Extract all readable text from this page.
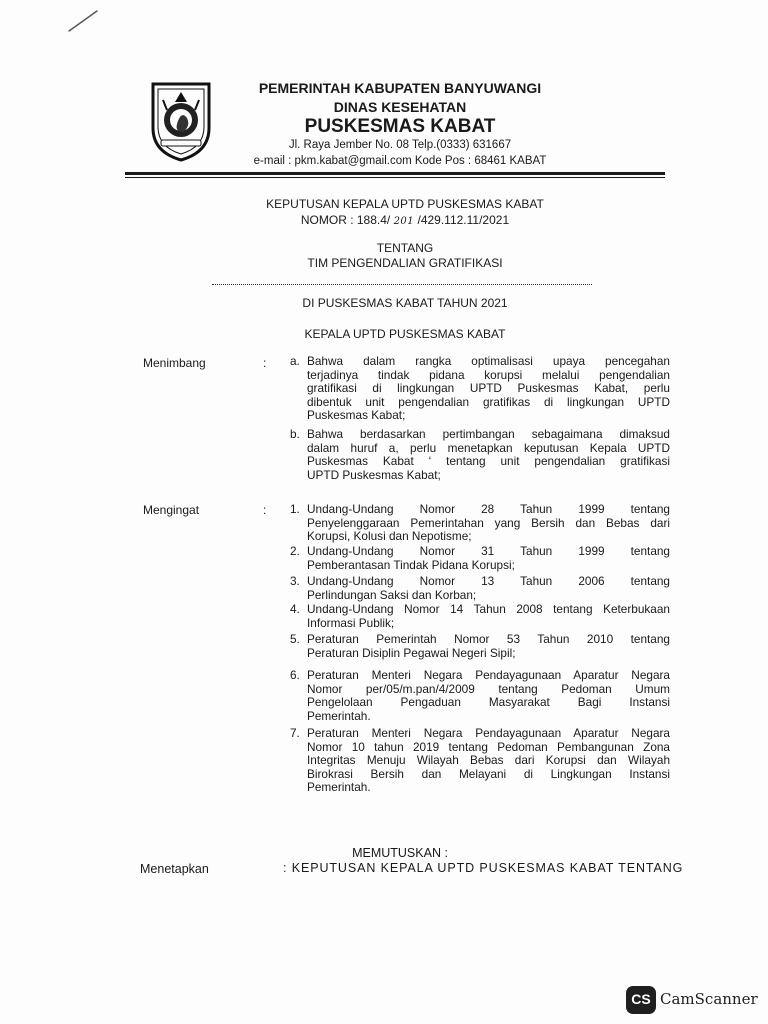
PEMERINTAH KABUPATEN BANYUWANGI
DINAS KESEHATAN
PUSKESMAS KABAT
Jl. Raya Jember No. 08 Telp.(0333) 631667
e-mail : pkm.kabat@gmail.com Kode Pos : 68461 KABAT
KEPUTUSAN KEPALA UPTD PUSKESMAS KABAT
NOMOR : 188.4/ 201 /429.112.11/2021
TENTANG
TIM PENGENDALIAN GRATIFIKASI
DI PUSKESMAS KABAT TAHUN 2021
KEPALA UPTD PUSKESMAS KABAT
Menimbang	: a. Bahwa dalam rangka optimalisasi upaya pencegahan
terjadinya tindak pidana korupsi melalui pengendalian
gratifikasi di lingkungan UPTD Puskesmas Kabat, perlu
dibentuk unit pengendalian gratifikas di lingkungan UPTD
Puskesmas Kabat;
b. Bahwa berdasarkan pertimbangan sebagaimana dimaksud
dalam huruf a, perlu menetapkan keputusan Kepala UPTD
Puskesmas Kabat ‘ tentang unit pengendalian gratifikasi
UPTD Puskesmas Kabat;
Mengingat	: 1. Undang-Undang Nomor 28 Tahun 1999 tentang
Penyelenggaraan Pemerintahan yang Bersih dan Bebas dari
Korupsi, Kolusi dan Nepotisme;
2. Undang-Undang Nomor 31 Tahun 1999 tentang
Pemberantasan Tindak Pidana Korupsi;
3. Undang-Undang Nomor 13 Tahun 2006 tentang
Perlindungan Saksi dan Korban;
4. Undang-Undang Nomor 14 Tahun 2008 tentang Keterbukaan
Informasi Publik;
5. Peraturan Pemerintah Nomor 53 Tahun 2010 tentang
Peraturan Disiplin Pegawai Negeri Sipil;
6. Peraturan Menteri Negara Pendayagunaan Aparatur Negara
Nomor per/05/m.pan/4/2009 tentang Pedoman Umum
Pengelolaan Pengaduan Masyarakat Bagi Instansi
Pemerintah.
7. Peraturan Menteri Negara Pendayagunaan Aparatur Negara
Nomor 10 tahun 2019 tentang Pedoman Pembangunan Zona
Integritas Menuju Wilayah Bebas dari Korupsi dan Wilayah
Birokrasi Bersih dan Melayani di Lingkungan Instansi
Pemerintah.
MEMUTUSKAN :
Menetapkan	: KEPUTUSAN KEPALA UPTD PUSKESMAS KABAT TENTANG
CS CamScanner
